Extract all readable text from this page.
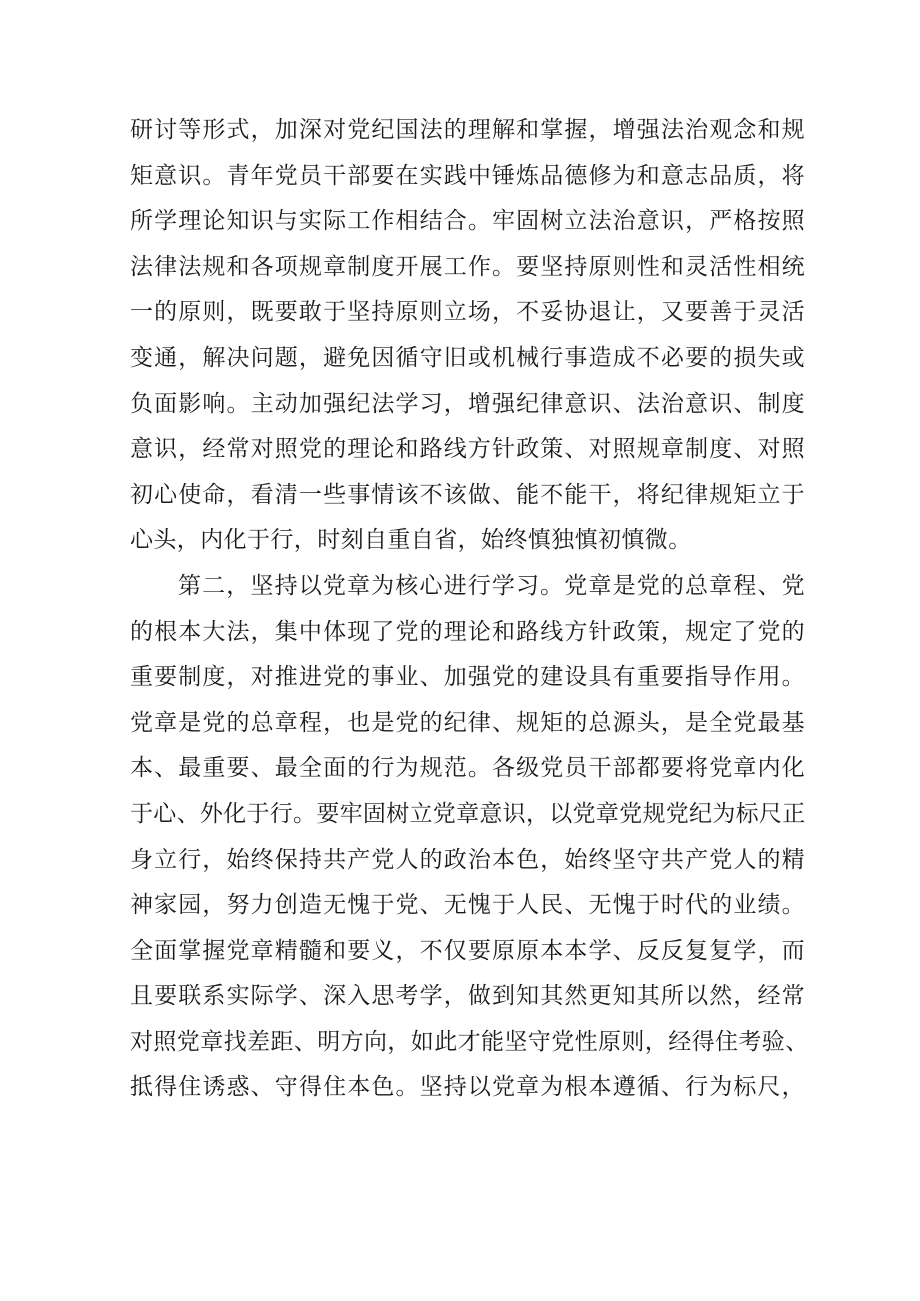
研讨等形式，加深对党纪国法的理解和掌握，增强法治观念和规
矩意识。青年党员干部要在实践中锤炼品德修为和意志品质，将
所学理论知识与实际工作相结合。牢固树立法治意识，严格按照
法律法规和各项规章制度开展工作。要坚持原则性和灵活性相统
一的原则，既要敢于坚持原则立场，不妥协退让，又要善于灵活
变通，解决问题，避免因循守旧或机械行事造成不必要的损失或
负面影响。主动加强纪法学习，增强纪律意识、法治意识、制度
意识，经常对照党的理论和路线方针政策、对照规章制度、对照
初心使命，看清一些事情该不该做、能不能干，将纪律规矩立于
心头，内化于行，时刻自重自省，始终慎独慎初慎微。
第二，坚持以党章为核心进行学习。党章是党的总章程、党
的根本大法，集中体现了党的理论和路线方针政策，规定了党的
重要制度，对推进党的事业、加强党的建设具有重要指导作用。
党章是党的总章程，也是党的纪律、规矩的总源头，是全党最基
本、最重要、最全面的行为规范。各级党员干部都要将党章内化
于心、外化于行。要牢固树立党章意识，以党章党规党纪为标尺正
身立行，始终保持共产党人的政治本色，始终坚守共产党人的精
神家园，努力创造无愧于党、无愧于人民、无愧于时代的业绩。
全面掌握党章精髓和要义，不仅要原原本本学、反反复复学，而
且要联系实际学、深入思考学，做到知其然更知其所以然，经常
对照党章找差距、明方向，如此才能坚守党性原则，经得住考验、
抵得住诱惑、守得住本色。坚持以党章为根本遵循、行为标尺，
